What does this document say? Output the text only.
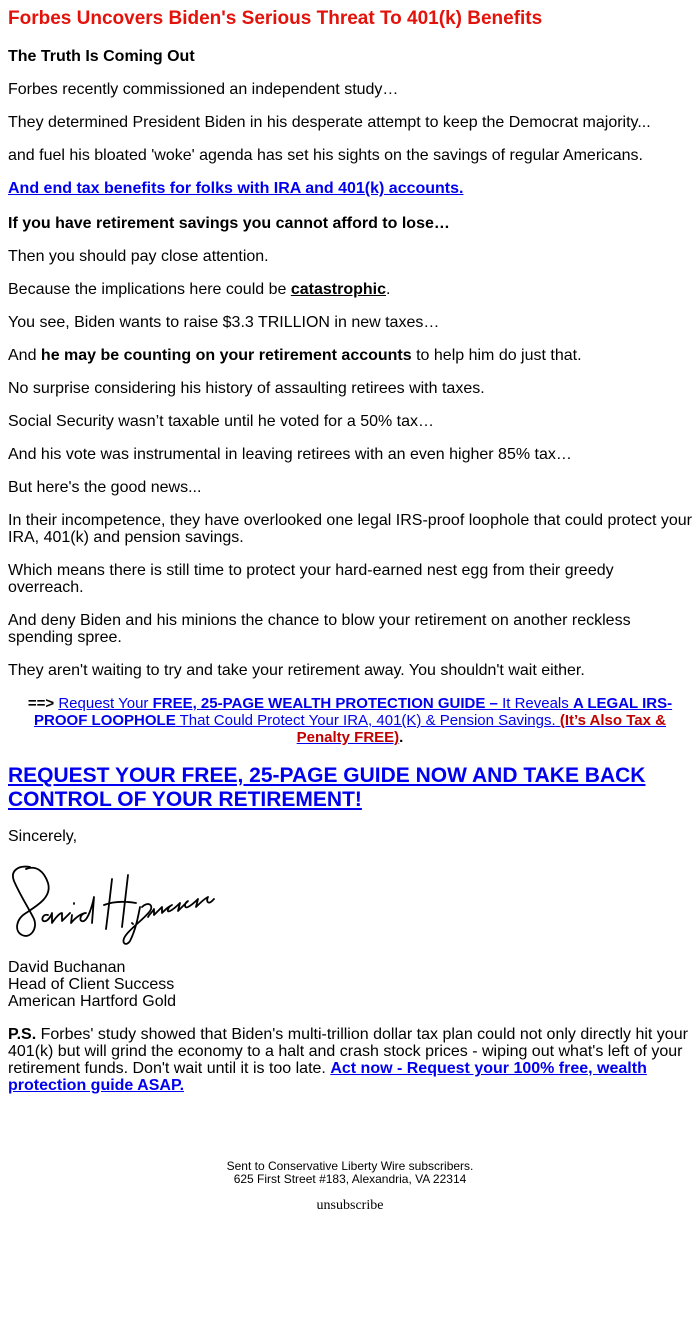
Forbes Uncovers Biden's Serious Threat To 401(k) Benefits

The Truth Is Coming Out

Forbes recently commissioned an independent study…

They determined President Biden in his desperate attempt to keep the Democrat majority...

and fuel his bloated 'woke' agenda has set his sights on the savings of regular Americans.

And end tax benefits for folks with IRA and 401(k) accounts.

If you have retirement savings you cannot afford to lose…

Then you should pay close attention.

Because the implications here could be catastrophic.

You see, Biden wants to raise $3.3 TRILLION in new taxes…

And he may be counting on your retirement accounts to help him do just that.

No surprise considering his history of assaulting retirees with taxes.

Social Security wasn’t taxable until he voted for a 50% tax…

And his vote was instrumental in leaving retirees with an even higher 85% tax…

But here's the good news...

In their incompetence, they have overlooked one legal IRS-proof loophole that could protect your IRA, 401(k) and pension savings.

Which means there is still time to protect your hard-earned nest egg from their greedy overreach.

And deny Biden and his minions the chance to blow your retirement on another reckless spending spree.

They aren't waiting to try and take your retirement away. You shouldn't wait either.

==> Request Your FREE, 25-PAGE WEALTH PROTECTION GUIDE – It Reveals A LEGAL IRS-PROOF LOOPHOLE That Could Protect Your IRA, 401(K) & Pension Savings. (It’s Also Tax & Penalty FREE).

REQUEST YOUR FREE, 25-PAGE GUIDE NOW AND TAKE BACK CONTROL OF YOUR RETIREMENT!

Sincerely,

David Buchanan

Head of Client Success

American Hartford Gold

P.S. Forbes' study showed that Biden's multi-trillion dollar tax plan could not only directly hit your 401(k) but will grind the economy to a halt and crash stock prices - wiping out what's left of your retirement funds. Don't wait until it is too late. Act now - Request your 100% free, wealth protection guide ASAP.

Sent to Conservative Liberty Wire subscribers.
625 First Street #183, Alexandria, VA 22314
unsubscribe
